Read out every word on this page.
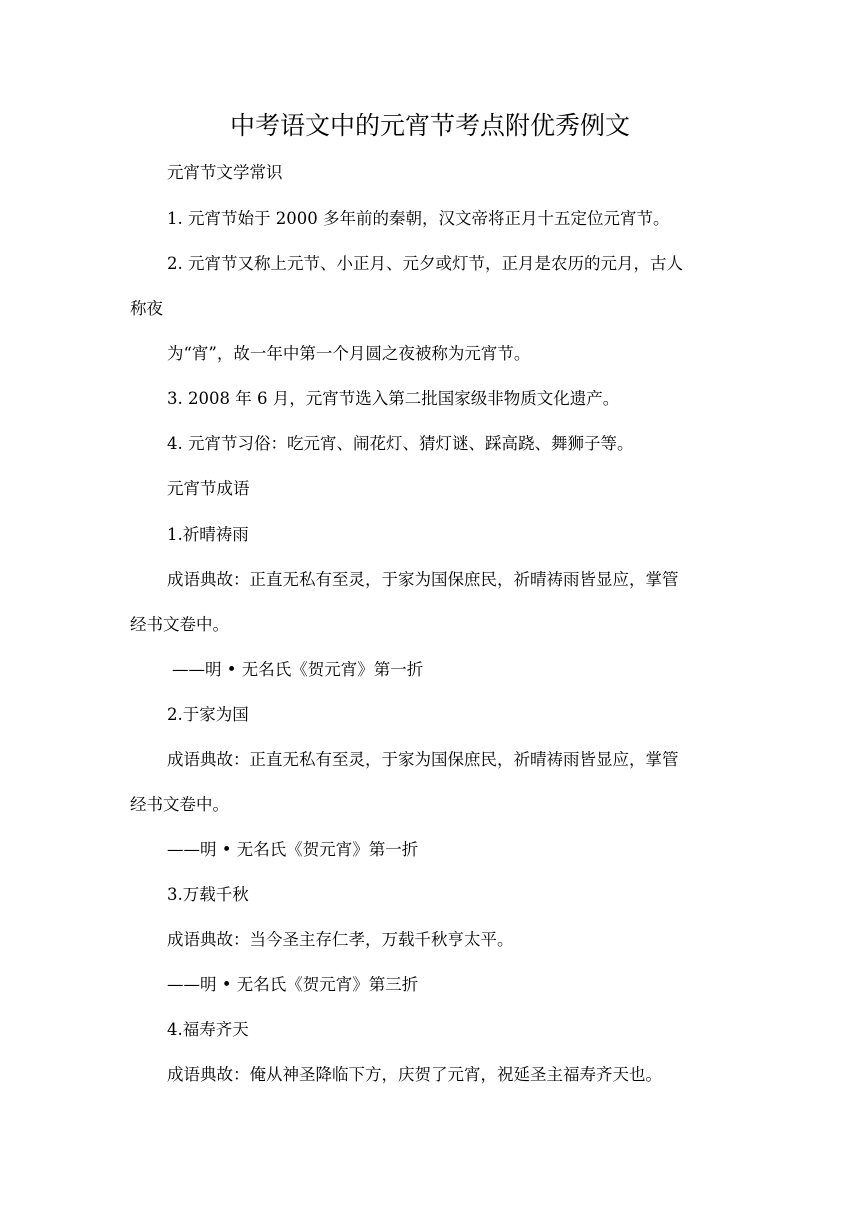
中考语文中的元宵节考点附优秀例文
元宵节文学常识
1. 元宵节始于 2000 多年前的秦朝，汉文帝将正月十五定位元宵节。
2. 元宵节又称上元节、小正月、元夕或灯节，正月是农历的元月，古人
称夜
为“宵”，故一年中第一个月圆之夜被称为元宵节。
3. 2008 年 6 月，元宵节选入第二批国家级非物质文化遗产。
4. 元宵节习俗：吃元宵、闹花灯、猜灯谜、踩高跷、舞狮子等。
元宵节成语
1.祈晴祷雨
成语典故：正直无私有至灵，于家为国保庶民，祈晴祷雨皆显应，掌管
经书文卷中。
——明 • 无名氏《贺元宵》第一折
2.于家为国
成语典故：正直无私有至灵，于家为国保庶民，祈晴祷雨皆显应，掌管
经书文卷中。
——明 • 无名氏《贺元宵》第一折
3.万载千秋
成语典故：当今圣主存仁孝，万载千秋亨太平。
——明 • 无名氏《贺元宵》第三折
4.福寿齐天
成语典故：俺从神圣降临下方，庆贺了元宵，祝延圣主福寿齐天也。
